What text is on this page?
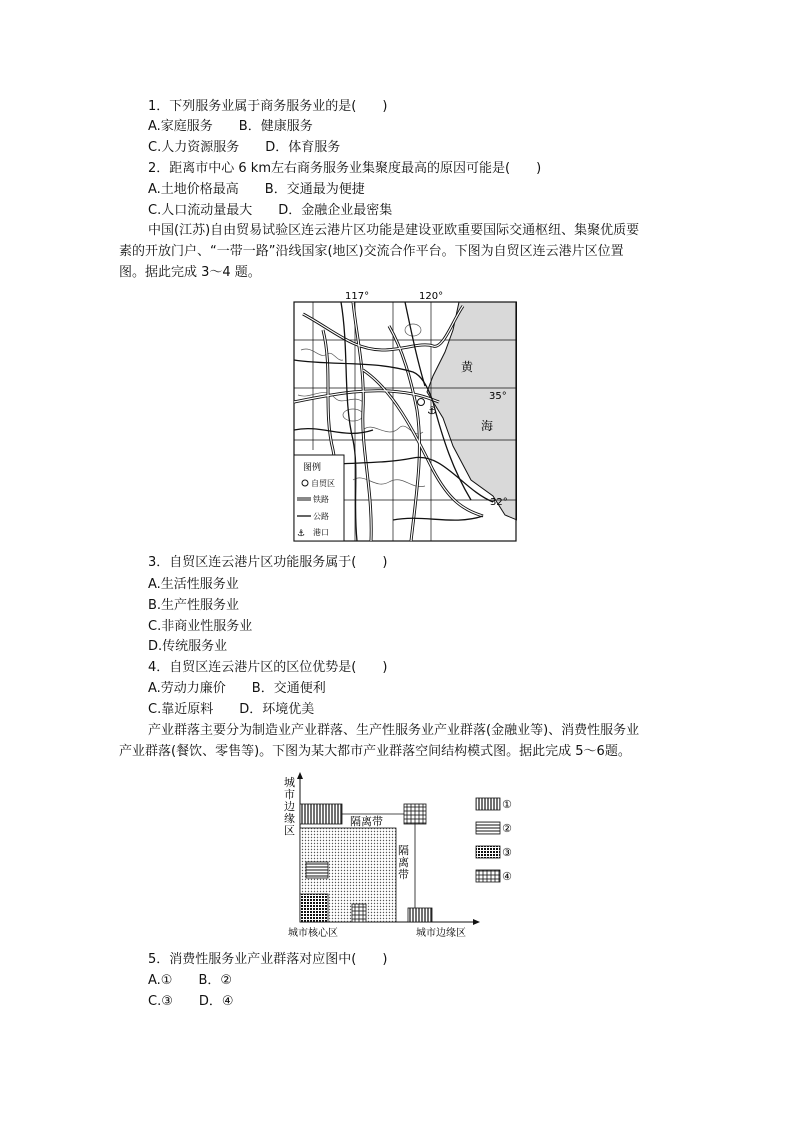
1．下列服务业属于商务服务业的是(　　)
A.家庭服务　　B．健康服务
C.人力资源服务　　D．体育服务
2．距离市中心 6 km左右商务服务业集聚度最高的原因可能是(　　)
A.土地价格最高　　B．交通最为便捷
C.人口流动量最大　　D．金融企业最密集
中国(江苏)自由贸易试验区连云港片区功能是建设亚欧重要国际交通枢纽、集聚优质要
素的开放门户、“一带一路”沿线国家(地区)交流合作平台。下图为自贸区连云港片区位置
图。据此完成 3～4 题。
⚓
黄
海
117°	120°
35°
32°
图例
自贸区
铁路
公路
⚓ 港口
3．自贸区连云港片区功能服务属于(　　)
A.生活性服务业
B.生产性服务业
C.非商业性服务业
D.传统服务业
4．自贸区连云港片区的区位优势是(　　)
A.劳动力廉价　　B．交通便利
C.靠近原料　　D．环境优美
产业群落主要分为制造业产业群落、生产性服务业产业群落(金融业等)、消费性服务业
产业群落(餐饮、零售等)。下图为某大都市产业群落空间结构模式图。据此完成 5～6题。
城市边缘区
隔离带
隔离带
城市核心区	城市边缘区
①
②
③
④
5．消费性服务业产业群落对应图中(　　)
A.①　　B．②
C.③　　D．④
